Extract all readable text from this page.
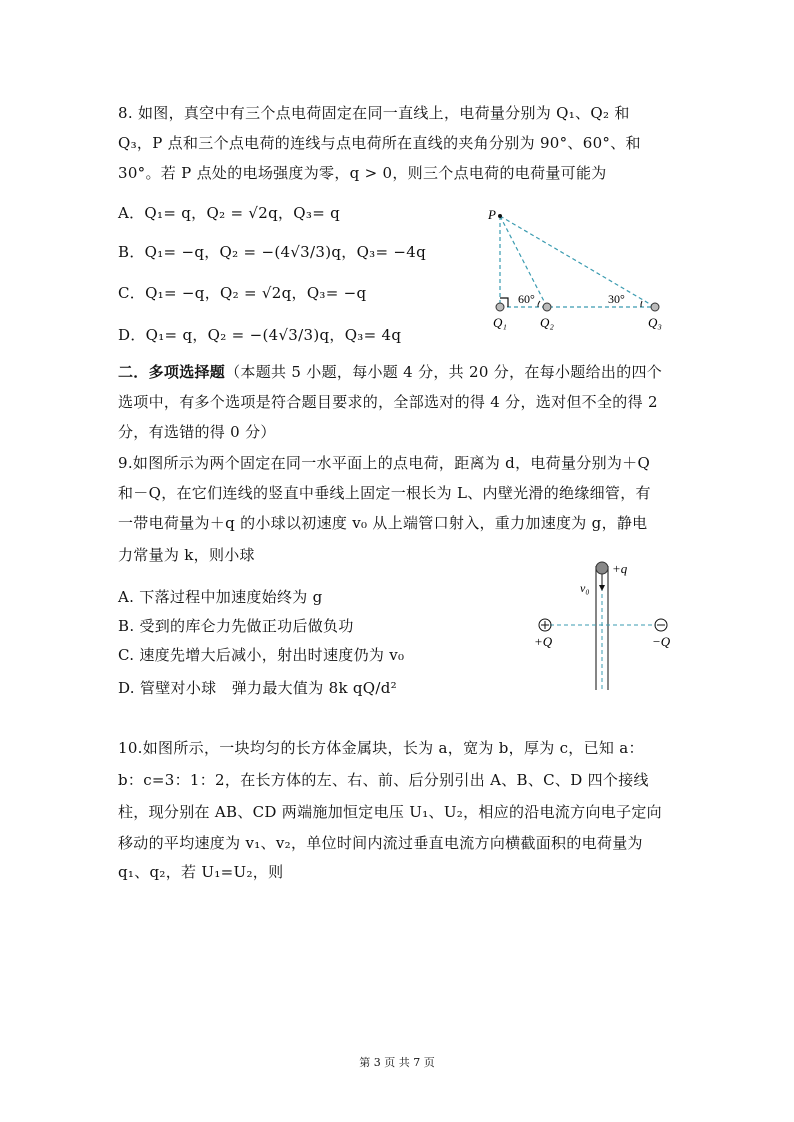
8. 如图，真空中有三个点电荷固定在同一直线上，电荷量分别为 Q₁、Q₂ 和
Q₃，P 点和三个点电荷的连线与点电荷所在直线的夹角分别为 90°、60°、和
30°。若 P 点处的电场强度为零，q > 0，则三个点电荷的电荷量可能为
A．Q₁= q，Q₂ = √2q，Q₃= q
B．Q₁= −q，Q₂ = −(4√3/3)q，Q₃= −4q
C．Q₁= −q，Q₂ = √2q，Q₃= −q
D．Q₁= q，Q₂ = −(4√3/3)q，Q₃= 4q
P
60°	30°
Q₁	Q₂	Q₃
二．多项选择题（本题共 5 小题，每小题 4 分，共 20 分，在每小题给出的四个
选项中，有多个选项是符合题目要求的，全部选对的得 4 分，选对但不全的得 2
分，有选错的得 0 分）
9.如图所示为两个固定在同一水平面上的点电荷，距离为 d，电荷量分别为＋Q
和－Q，在它们连线的竖直中垂线上固定一根长为 L、内壁光滑的绝缘细管，有
一带电荷量为＋q 的小球以初速度 v₀ 从上端管口射入，重力加速度为 g，静电
力常量为 k，则小球
A. 下落过程中加速度始终为 g
B. 受到的库仑力先做正功后做负功
C. 速度先增大后减小，射出时速度仍为 v₀
D. 管壁对小球　弹力最大值为 8k qQ/d²
+q
v₀
+Q	−Q
10.如图所示，一块均匀的长方体金属块，长为 a，宽为 b，厚为 c，已知 a：
b：c=3：1：2，在长方体的左、右、前、后分别引出 A、B、C、D 四个接线
柱，现分别在 AB、CD 两端施加恒定电压 U₁、U₂，相应的沿电流方向电子定向
移动的平均速度为 v₁、v₂，单位时间内流过垂直电流方向横截面积的电荷量为
q₁、q₂，若 U₁=U₂，则
第 3 页 共 7 页
